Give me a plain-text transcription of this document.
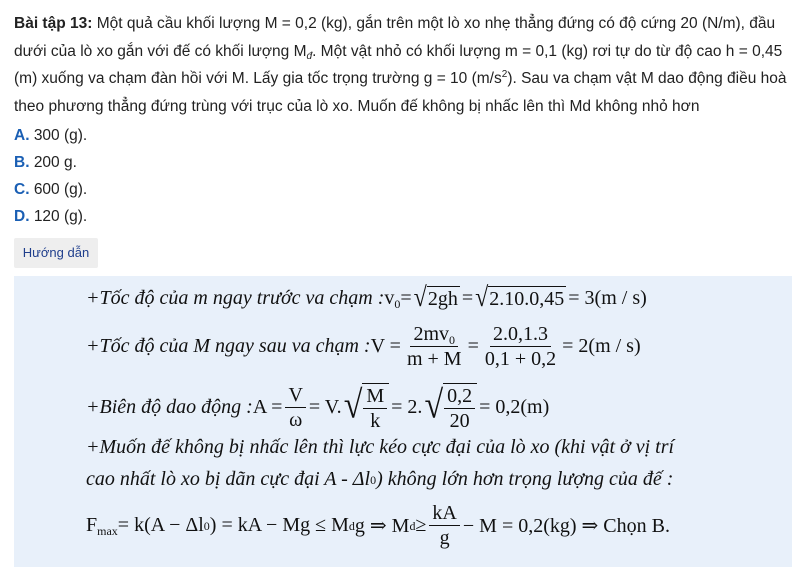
Bài tập 13: Một quả cầu khối lượng M = 0,2 (kg), gắn trên một lò xo nhẹ thẳng đứng có độ cứng 20 (N/m), đầu dưới của lò xo gắn với đế có khối lượng $M_đ$. Một vật nhỏ có khối lượng m = 0,1 (kg) rơi tự do từ độ cao h = 0,45 (m) xuống va chạm đàn hồi với M. Lấy gia tốc trọng trường g = 10 $(m/s^2)$. Sau va chạm vật M dao động điều hoà theo phương thẳng đứng trùng với trục của lò xo. Muốn đế không bị nhấc lên thì Md không nhỏ hơn
A. 300 (g).
B. 200 g.
C. 600 (g).
D. 120 (g).
Hướng dẫn
+Tốc độ của m ngay trước va chạm : $v_0$ = √ 2gh = √ 2.10.0,45 = 3(m / s)
+Tốc độ của M ngay sau va chạm : $V = \frac{2mv_0}{m + M} = \frac{2.0,1.3}{0,1 + 0,2} = 2(m / s)$
+Biên độ dao động : $A = \frac{V}{\omega} = V$. √ $\frac{M}{k} = 2$. √ $\frac{0,2}{20} = 0,2(m)$
+Muốn đế không bị nhấc lên thì lực kéo cực đại của lò xo (khi vật ở vị trí
cao nhất lò xo bị dãn cực đại A - Δl 0 ) không lớn hơn trọng lượng của đế :
$F_{max} = k(A - \Delta l$ 0 ) = kA − Mg ≤ M d g ⇒ M $d \ge \frac{kA}{g} - M = 0,2(kg)$ ⇒ Chọn B.
